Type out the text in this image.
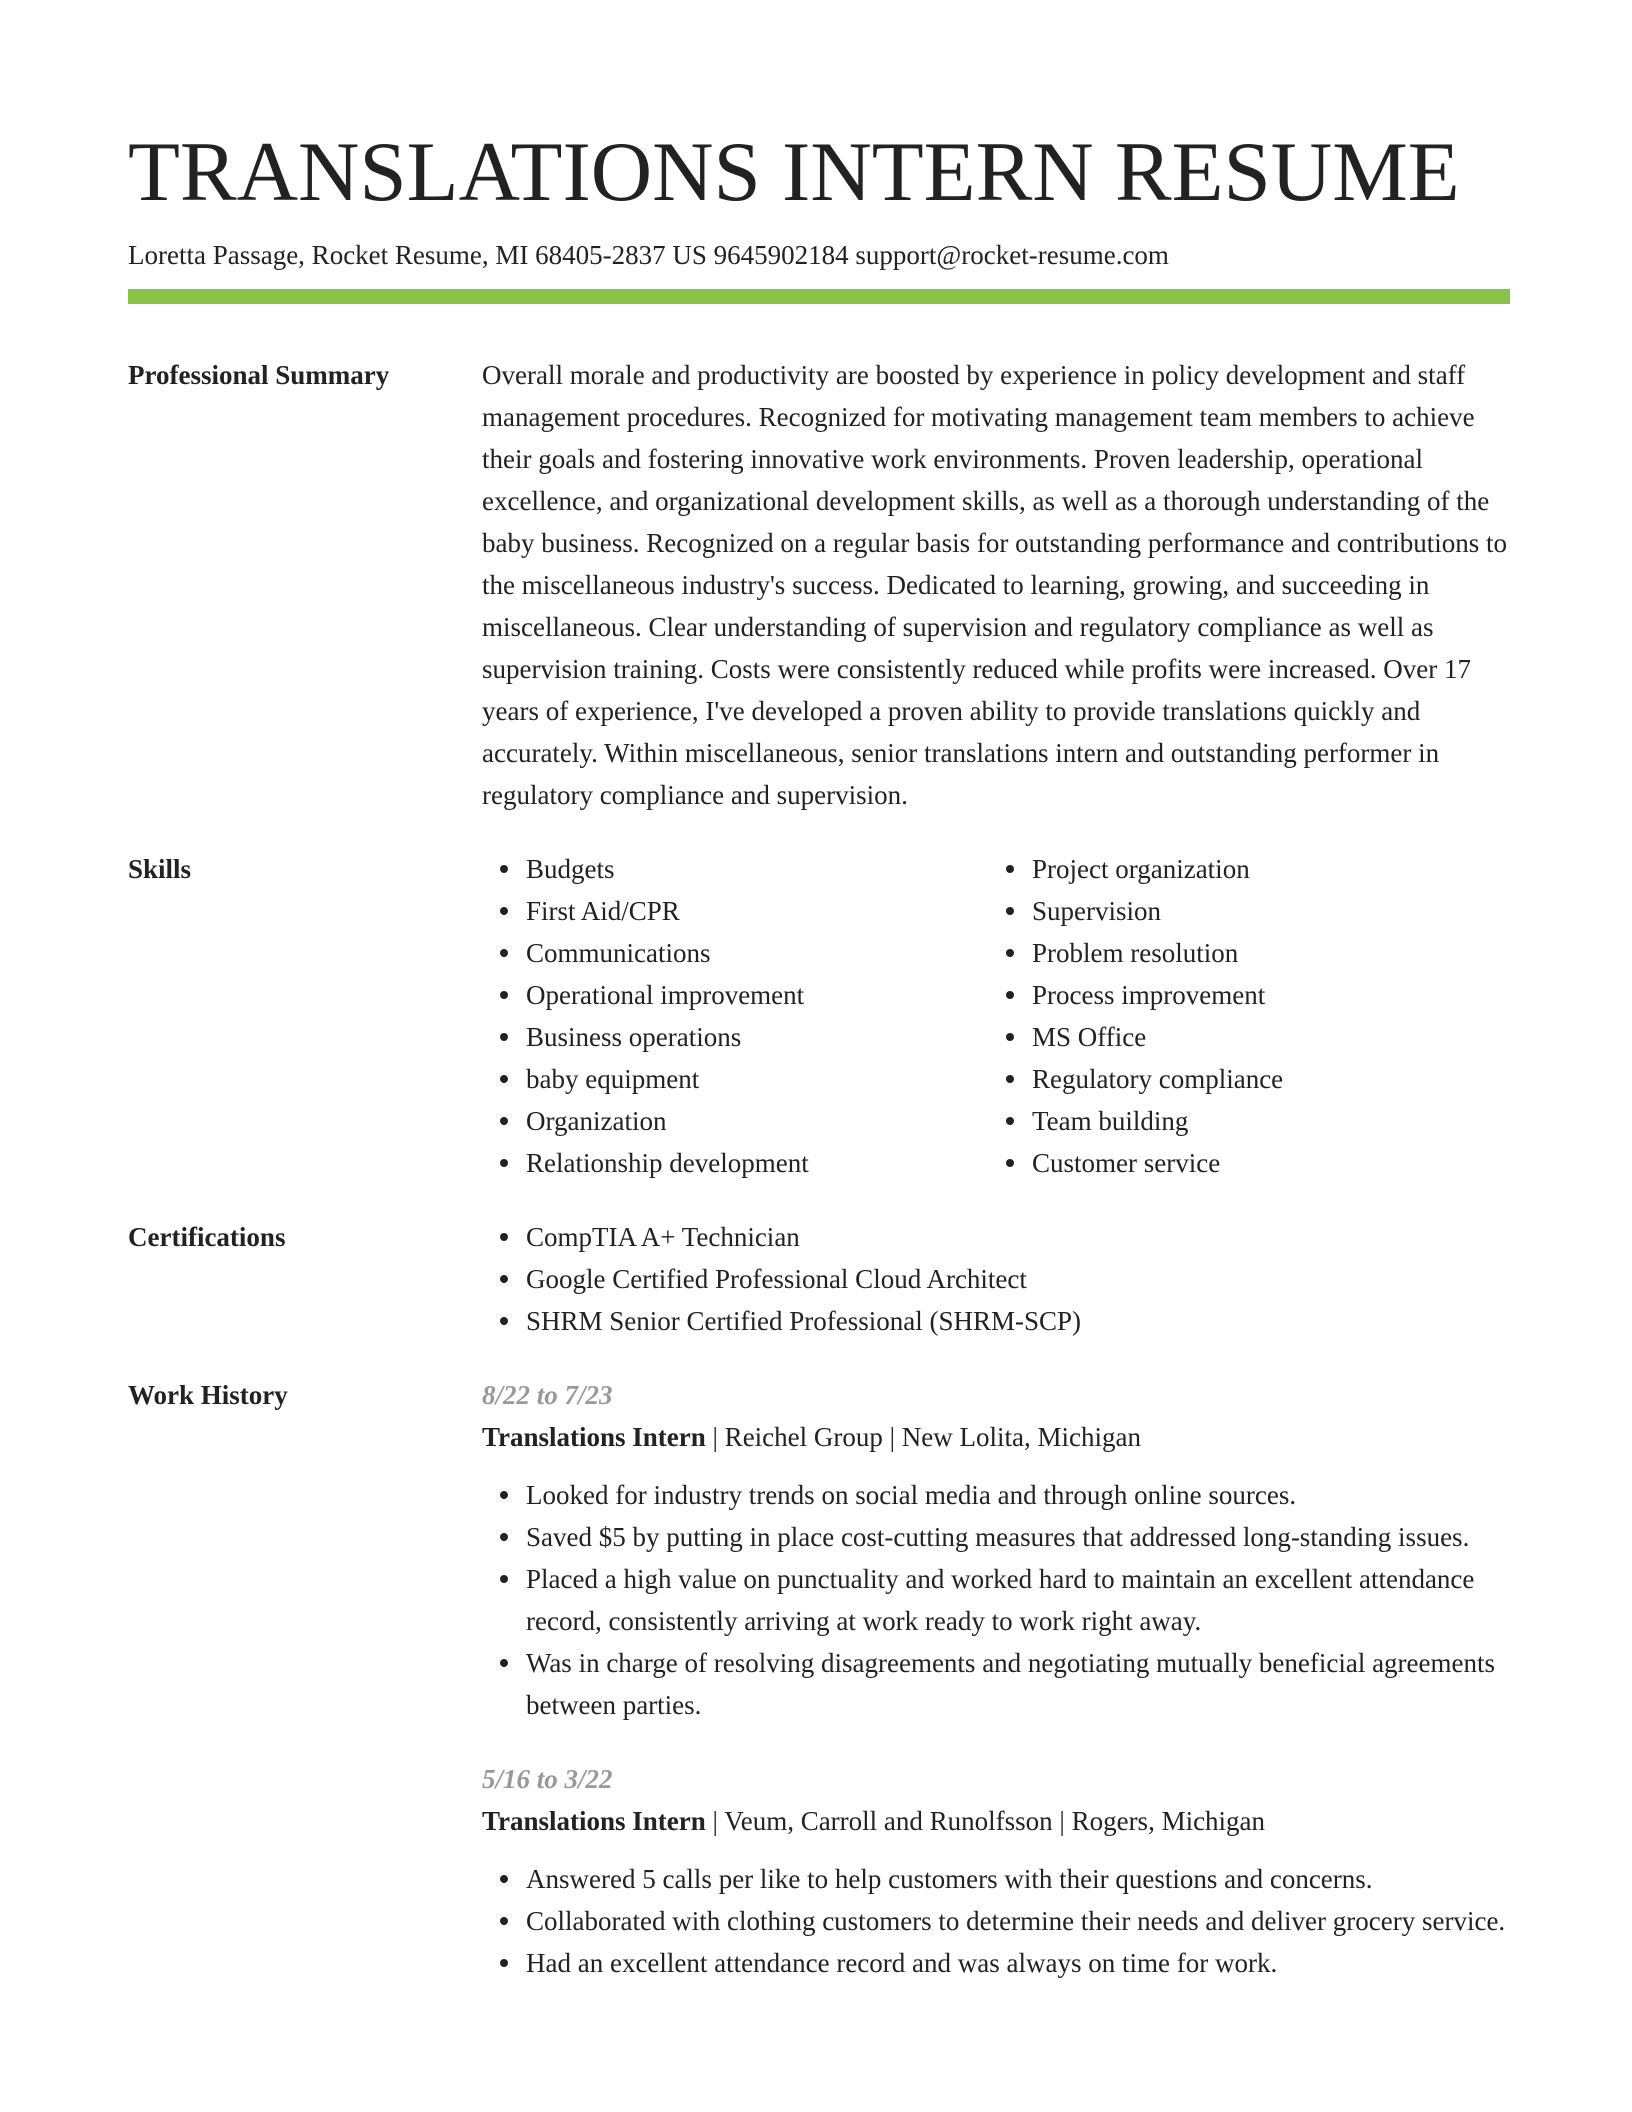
TRANSLATIONS INTERN RESUME
Loretta Passage, Rocket Resume, MI 68405-2837 US 9645902184 support@rocket-resume.com
Professional Summary	Overall morale and productivity are boosted by experience in policy development and staff management procedures. Recognized for motivating management team members to achieve their goals and fostering innovative work environments. Proven leadership, operational excellence, and organizational development skills, as well as a thorough understanding of the baby business. Recognized on a regular basis for outstanding performance and contributions to the miscellaneous industry's success. Dedicated to learning, growing, and succeeding in miscellaneous. Clear understanding of supervision and regulatory compliance as well as supervision training. Costs were consistently reduced while profits were increased. Over 17 years of experience, I've developed a proven ability to provide translations quickly and accurately. Within miscellaneous, senior translations intern and outstanding performer in regulatory compliance and supervision.
Skills	Budgets
First Aid/CPR
Communications
Operational improvement
Business operations
baby equipment
Organization
Relationship development
Project organization
Supervision
Problem resolution
Process improvement
MS Office
Regulatory compliance
Team building
Customer service
Certifications	CompTIA A+ Technician
Google Certified Professional Cloud Architect
SHRM Senior Certified Professional (SHRM-SCP)
Work History	8/22 to 7/23
Translations Intern | Reichel Group | New Lolita, Michigan
Looked for industry trends on social media and through online sources.
Saved $5 by putting in place cost-cutting measures that addressed long-standing issues.
Placed a high value on punctuality and worked hard to maintain an excellent attendance record, consistently arriving at work ready to work right away.
Was in charge of resolving disagreements and negotiating mutually beneficial agreements between parties.
5/16 to 3/22
Translations Intern | Veum, Carroll and Runolfsson | Rogers, Michigan
Answered 5 calls per like to help customers with their questions and concerns.
Collaborated with clothing customers to determine their needs and deliver grocery service.
Had an excellent attendance record and was always on time for work.
